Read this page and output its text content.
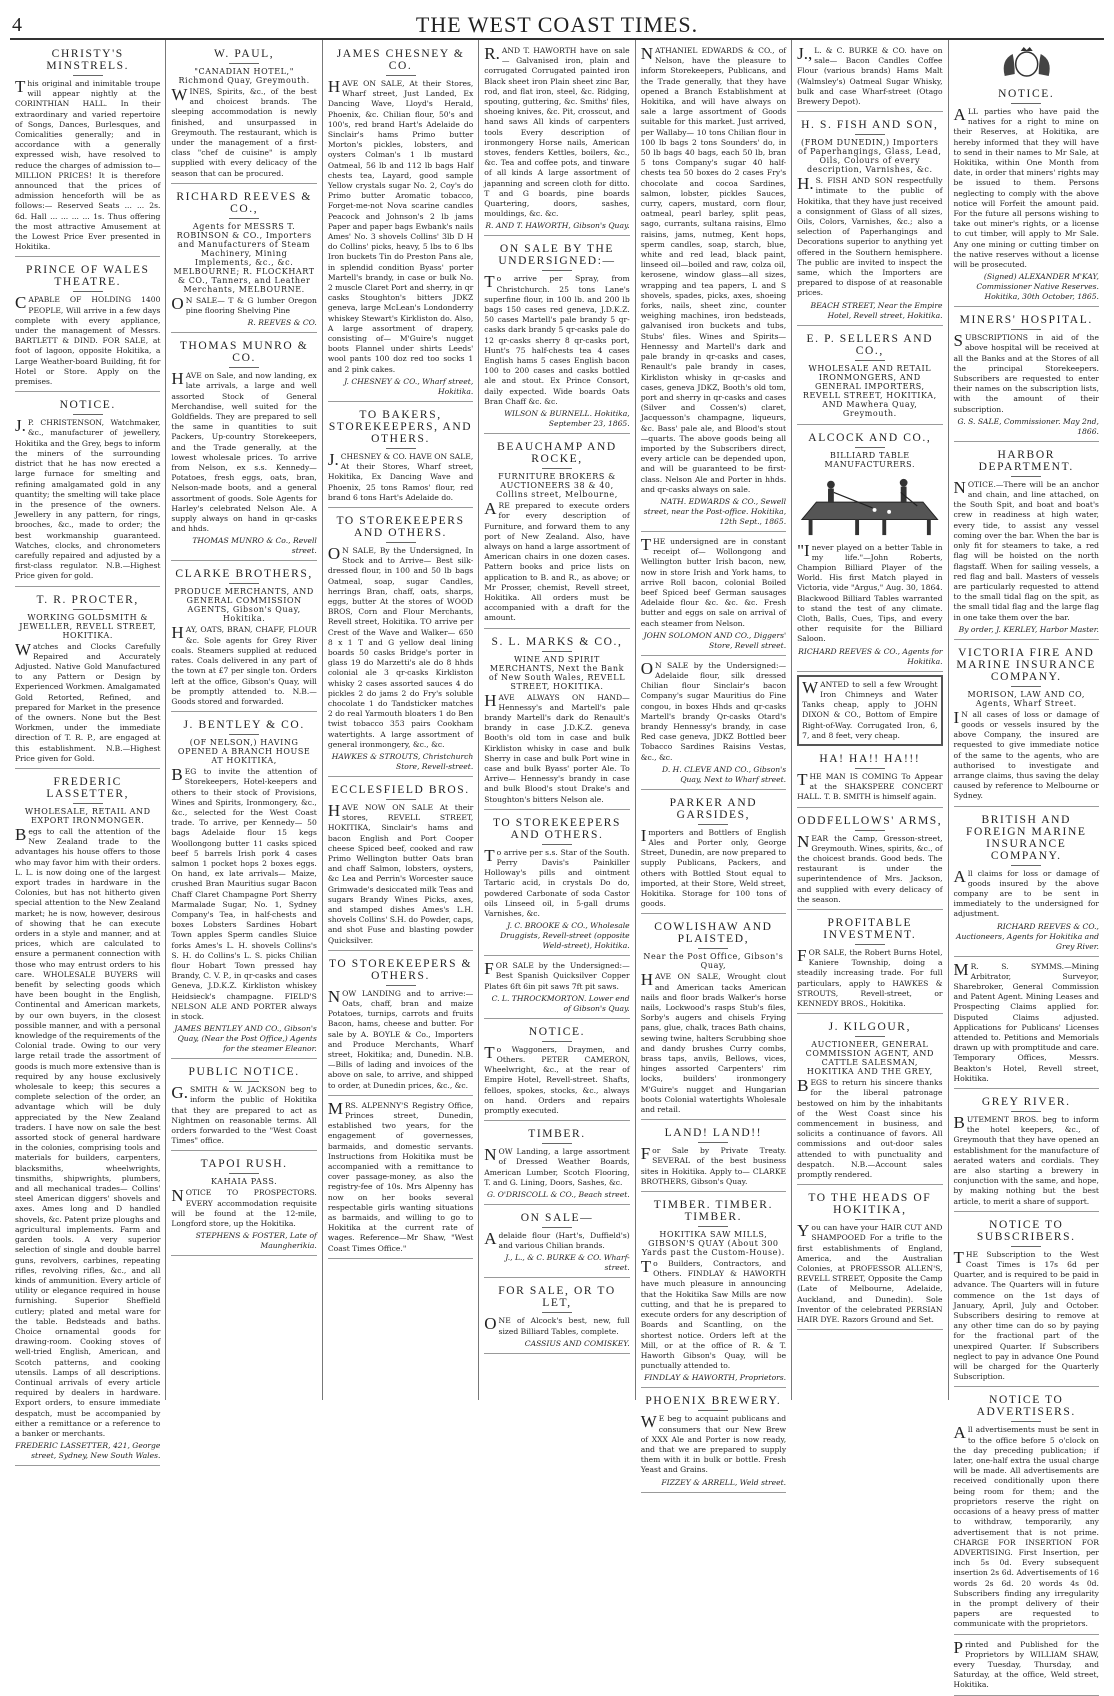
4	THE WEST COAST TIMES.
CHRISTY'S MINSTRELS.
This original and inimitable troupe will appear nightly at the CORINTHIAN HALL. In their extraordinary and varied repertoire of Songs, Dances, Burlesques, and Comicalities generally; and in accordance with a generally expressed wish, have resolved to reduce the charges of admission to— MILLION PRICES! It is therefore announced that the prices of admission henceforth will be as follows:— Reserved Seats ... ... 2s. 6d. Hall ... ... ... ... 1s. Thus offering the most attractive Amusement at the Lowest Price Ever presented in Hokitika.
PRINCE OF WALES THEATRE.
CAPABLE OF HOLDING 1400 PEOPLE, Will arrive in a few days complete with every appliance, under the management of Messrs. BARTLETT & DIND. FOR SALE, at foot of lagoon, opposite Hokitika, a Large Weather-board Building, fit for Hotel or Store. Apply on the premises.
NOTICE.
J.P. CHRISTENSON, Watchmaker, &c., manufacturer of jewellery, Hokitika and the Grey, begs to inform the miners of the surrounding district that he has now erected a large furnace for smelting and refining amalgamated gold in any quantity; the smelting will take place in the presence of the owners. Jewellery in any pattern, for rings, brooches, &c., made to order; the best workmanship guaranteed. Watches, clocks, and chronometers carefully repaired and adjusted by a first-class regulator. N.B.—Highest Price given for gold.
T. R. PROCTER,
WORKING GOLDSMITH & JEWELLER, REVELL STREET, HOKITIKA.
Watches and Clocks Carefully Repaired and Accurately Adjusted. Native Gold Manufactured to any Pattern or Design by Experienced Workmen. Amalgamated Gold Retorted, Refined, and prepared for Market in the presence of the owners. None but the Best Workmen, under the immediate direction of T. R. P., are engaged at this establishment. N.B.—Highest Price given for Gold.
FREDERIC LASSETTER,
WHOLESALE, RETAIL AND EXPORT IRONMONGER.
Begs to call the attention of the New Zealand trade to the advantages his house offers to those who may favor him with their orders. L. L. is now doing one of the largest export trades in hardware in the Colonies, but has not hitherto given special attention to the New Zealand market; he is now, however, desirous of showing that he can execute orders in a style and manner, and at prices, which are calculated to ensure a permanent connection with those who may entrust orders to his care. WHOLESALE BUYERS will benefit by selecting goods which have been bought in the English, Continental and American markets, by our own buyers, in the closest possible manner, and with a personal knowledge of the requirements of the Colonial trade. Owing to our very large retail trade the assortment of goods is much more extensive than is required by any house exclusively wholesale to keep; this secures a complete selection of the order, an advantage which will be duly appreciated by the New Zealand traders. I have now on sale the best assorted stock of general hardware in the colonies, comprising tools and materials for builders, carpenters, blacksmiths, wheelwrights, tinsmiths, shipwrights, plumbers, and all mechanical trades— Collins' steel American diggers' shovels and axes. Ames long and D handled shovels, &c. Patent prize ploughs and agricultural implements. Farm and garden tools. A very superior selection of single and double barrel guns, revolvers, carbines, repeating rifles, revolving rifles, &c., and all kinds of ammunition. Every article of utility or elegance required in house furnishing. Superior Sheffield cutlery; plated and metal ware for the table. Bedsteads and baths. Choice ornamental goods for drawing-room. Cooking stoves of well-tried English, American, and Scotch patterns, and cooking utensils. Lamps of all descriptions. Continual arrivals of every article required by dealers in hardware. Export orders, to ensure immediate despatch, must be accompanied by either a remittance or a reference to a banker or merchants.
FREDERIC LASSETTER, 421, George street, Sydney, New South Wales.
W. PAUL,
"CANADIAN HOTEL," Richmond Quay, Greymouth.
WINES, Spirits, &c., of the best and choicest brands. The sleeping accommodation is newly finished, and unsurpassed in Greymouth. The restaurant, which is under the management of a first-class "chef de cuisine" is amply supplied with every delicacy of the season that can be procured.
RICHARD REEVES & CO.,
Agents for MESSRS T. ROBINSON & CO., Importers and Manufacturers of Steam Machinery, Mining Implements, &c., &c. MELBOURNE; R. FLOCKHART & CO., Tanners, and Leather Merchants, MELBOURNE.
ON SALE— T & G lumber Oregon pine flooring Shelving Pine
R. REEVES & CO.
THOMAS MUNRO & CO.
HAVE on Sale, and now landing, ex late arrivals, a large and well assorted Stock of General Merchandise, well suited for the Goldfields. They are prepared to sell the same in quantities to suit Packers, Up-country Storekeepers, and the Trade generally, at the lowest wholesale prices. To arrive from Nelson, ex s.s. Kennedy—Potatoes, fresh eggs, oats, bran, Nelson-made boots, and a general assortment of goods. Sole Agents for Harley's celebrated Nelson Ale. A supply always on hand in qr-casks and hhds.
THOMAS MUNRO & Co., Revell street.
CLARKE BROTHERS,
PRODUCE MERCHANTS, AND GENERAL COMMISSION AGENTS, Gibson's Quay, Hokitika.
HAY, OATS, BRAN, CHAFF, FLOUR &c. Sole agents for Grey River coals. Steamers supplied at reduced rates. Coals delivered in any part of the town at £7 per single ton. Orders left at the office, Gibson's Quay, will be promptly attended to. N.B.—Goods stored and forwarded.
J. BENTLEY & CO.
(OF NELSON,) HAVING OPENED A BRANCH HOUSE AT HOKITIKA,
BEG to invite the attention of Storekeepers, Hotel-keepers and others to their stock of Provisions, Wines and Spirits, Ironmongery, &c., &c., selected for the West Coast trade. To arrive, per Kennedy— 50 bags Adelaide flour 15 kegs Woollongong butter 11 casks spiced beef 5 barrels Irish pork 4 cases salmon 1 pocket hops 2 boxes eggs. On hand, ex late arrivals— Maize, crushed Bran Mauritius sugar Bacon Chaff Claret Champagne Port Sherry Marmalade Sugar, No. 1, Sydney Company's Tea, in half-chests and boxes Lobsters Sardines Hobart Town apples Sperm candles Sluice forks Ames's L. H. shovels Collins's S. H. do Collins's L. S. picks Chilian flour Hobart Town pressed hay Brandy, C. V. P., in qr-casks and cases Geneva, J.D.K.Z. Kirkliston whiskey Heidsieck's champagne. FIELD'S NELSON ALE AND PORTER always in stock.
JAMES BENTLEY AND CO., Gibson's Quay, (Near the Post Office,) Agents for the steamer Eleanor.
PUBLIC NOTICE.
G.SMITH & W. JACKSON beg to inform the public of Hokitika that they are prepared to act as Nightmen on reasonable terms. All orders forwarded to the "West Coast Times" office.
TAPOI RUSH.
KAHAIA PASS.
NOTICE TO PROSPECTORS. EVERY accommodation requisite will be found at the 12-mile, Longford store, up the Hokitika.
STEPHENS & FOSTER, Late of Maungherikia.
JAMES CHESNEY & CO.
HAVE ON SALE, At their Stores, Wharf street, Just Landed, Ex Dancing Wave, Lloyd's Herald, Phoenix, &c. Chilian flour, 50's and 100's, red brand Hart's Adelaide do Sinclair's hams Primo butter Morton's pickles, lobsters, and oysters Colman's 1 lb mustard Oatmeal, 56 lb and 112 lb bags Half chests tea, Layard, good sample Yellow crystals sugar No. 2, Coy's do Primo butter Aromatic tobacco, Forget-me-not Nova scarine candles Peacock and Johnson's 2 lb jams Paper and paper bags Ewbank's nails Ames' No. 3 shovels Collins' 3lb D H do Collins' picks, heavy, 5 lbs to 6 lbs Iron buckets Tin do Preston Pans ale, in splendid condition Byass' porter Martell's brandy, in case or bulk No. 2 muscle Claret Port and sherry, in qr casks Stoughton's bitters JDKZ geneva, large McLean's Londonderry whiskey Stewart's Kirkliston do. Also, A large assortment of drapery, consisting of— M'Guire's nugget boots Flannel under shirts Leeds' wool pants 100 doz red too socks 1 and 2 pink cakes.
J. CHESNEY & CO., Wharf street, Hokitika.
TO BAKERS, STOREKEEPERS, AND OTHERS.
J.CHESNEY & CO. HAVE ON SALE, At their Stores, Wharf street, Hokitika, Ex Dancing Wave and Phoenix, 25 tons Ramos' flour, red brand 6 tons Hart's Adelaide do.
TO STOREKEEPERS AND OTHERS.
ON SALE, By the Undersigned, In Stock and to Arrive— Best silk-dressed flour, in 100 and 50 lb bags Oatmeal, soap, sugar Candles, herrings Bran, chaff, oats, sharps, eggs, butter At the stores of WOOD BROS, Corn and Flour Merchants, Revell street, Hokitika. TO arrive per Crest of the Wave and Walker— 650 8 x 1 T and G yellow deal lining boards 50 casks Bridge's porter in glass 19 do Marzetti's ale do 8 hhds colonial ale 3 qr-casks Kirkliston whisky 2 cases assorted sauces 4 do pickles 2 do jams 2 do Fry's soluble chocolate 1 do Tandsticker matches 2 do real Yarmouth bloaters 1 do Ben twist tobacco 353 pairs Cookham watertights. A large assortment of general ironmongery, &c., &c.
HAWKES & STROUTS, Christchurch Store, Revell-street.
ECCLESFIELD BROS.
HAVE NOW ON SALE At their stores, REVELL STREET, HOKITIKA, Sinclair's hams and bacon English and Port Cooper cheese Spiced beef, cooked and raw Primo Wellington butter Oats bran and chaff Salmon, lobsters, oysters, &c Lea and Perrin's Worcester sauce Grimwade's desiccated milk Teas and sugars Brandy Wines Picks, axes, and stamped dishes Ames's L.H. shovels Collins' S.H. do Powder, caps, and shot Fuse and blasting powder Quicksilver.
TO STOREKEEPERS & OTHERS.
NOW LANDING and to arrive:— Oats, chaff, bran and maize Potatoes, turnips, carrots and fruits Bacon, hams, cheese and butter. For sale by A. BOYLE & Co., Importers and Produce Merchants, Wharf street, Hokitika; and, Dunedin. N.B.—Bills of lading and invoices of the above on sale, to arrive, and shipped to order, at Dunedin prices, &c., &c.
MRS. ALPENNY'S Registry Office, Princes street, Dunedin, established two years, for the engagement of governesses, barmaids, and domestic servants. Instructions from Hokitika must be accompanied with a remittance to cover passage-money, as also the registry-fee of 10s. Mrs Alpenny has now on her books several respectable girls wanting situations as barmaids, and willing to go to Hokitika at the current rate of wages. Reference—Mr Shaw, "West Coast Times Office."
R.AND T. HAWORTH have on sale— Galvanised iron, plain and corrugated Corrugated painted iron Black sheet iron Plain sheet zinc Bar, rod, and flat iron, steel, &c. Ridging, spouting, guttering, &c. Smiths' files, shoeing knives, &c. Pit, crosscut, and hand saws All kinds of carpenters tools Every description of ironmongery Horse nails, American stoves, fenders Kettles, boilers, &c., &c. Tea and coffee pots, and tinware of all kinds A large assortment of japanning and screen cloth for ditto. T and G boards, pine boards Quartering, doors, sashes, mouldings, &c. &c.
R. AND T. HAWORTH, Gibson's Quay.
ON SALE BY THE UNDERSIGNED:—
To arrive per Spray, from Christchurch. 25 tons Lane's superfine flour, in 100 lb. and 200 lb bags 150 cases red geneva, J.D.K.Z. 50 cases Martell's pale brandy 5 qr-casks dark brandy 5 qr-casks pale do 12 qr-casks sherry 8 qr-casks port, Hunt's 75 half-chests tea 4 cases English hams 5 cases English bacon 100 to 200 cases and casks bottled ale and stout. Ex Prince Consort, daily expected. Wide boards Oats Bran Chaff &c. &c.
WILSON & BURNELL. Hokitika, September 23, 1865.
BEAUCHAMP AND ROCKE,
FURNITURE BROKERS & AUCTIONEERS 38 & 40, Collins street, Melbourne,
ARE prepared to execute orders for every description of Furniture, and forward them to any port of New Zealand. Also, have always on hand a large assortment of American chairs in one dozen cases. Pattern books and price lists on application to B. and R., as above; or Mr Prosser, chemist, Revell street, Hokitika. All orders must be accompanied with a draft for the amount.
S. L. MARKS & CO.,
WINE AND SPIRIT MERCHANTS, Next the Bank of New South Wales, REVELL STREET, HOKITIKA.
HAVE ALWAYS ON HAND— Hennessy's and Martell's pale brandy Martell's dark do Renault's brandy in case J.D.K.Z. geneva Booth's old tom in case and bulk Kirkliston whisky in case and bulk Sherry in case and bulk Port wine in case and bulk Byass' porter Ale. To Arrive— Hennessy's brandy in case and bulk Blood's stout Drake's and Stoughton's bitters Nelson ale.
TO STOREKEEPERS AND OTHERS.
To arrive per s.s. Star of the South. Perry Davis's Painkiller Holloway's pills and ointment Tartaric acid, in crystals Do do, powdered Carbonate of soda Castor oils Linseed oil, in 5-gall drums Varnishes, &c.
J. C. BROOKE & CO., Wholesale Druggists, Revell-street (opposite Weld-street), Hokitika.
FOR SALE by the Undersigned:— Best Spanish Quicksilver Copper Plates 6ft 6in pit saws 7ft pit saws.
C. L. THROCKMORTON. Lower end of Gibson's Quay.
NOTICE.
To Waggoners, Draymen, and Others. PETER CAMERON, Wheelwright, &c., at the rear of Empire Hotel, Revell-street. Shafts, felloes, spokes, stocks, &c., always on hand. Orders and repairs promptly executed.
TIMBER.
NOW Landing, a large assortment of Dressed Weather Boards, American Lumber, Scotch Flooring, T. and G. Lining, Doors, Sashes, &c.
G. O'DRISCOLL & CO., Beach street.
ON SALE—
Adelaide flour (Hart's, Duffield's) and various Chilian brands.
J., L., & C. BURKE & CO. Wharf-street.
FOR SALE, OR TO LET,
ONE of Alcock's best, new, full sized Billiard Tables, complete.
CASSIUS AND COMISKEY.
NATHANIEL EDWARDS & CO., of Nelson, have the pleasure to inform Storekeepers, Publicans, and the Trade generally, that they have opened a Branch Establishment at Hokitika, and will have always on sale a large assortment of Goods suitable for this market. Just arrived, per Wallaby— 10 tons Chilian flour in 100 lb bags 2 tons Sounders' do, in 50 lb bags 40 bags, each 50 lb, bran 5 tons Company's sugar 40 half-chests tea 50 boxes do 2 cases Fry's chocolate and cocoa Sardines, salmon, lobster, pickles Sauces, curry, capers, mustard, corn flour, oatmeal, pearl barley, split peas, sago, currants, sultana raisins, Elmo raisins, jams, nutmeg, Kent hops, sperm candles, soap, starch, blue, white and red lead, black paint, linseed oil—boiled and raw, colza oil, kerosene, window glass—all sizes, wrapping and tea papers, L and S shovels, spades, picks, axes, shoeing forks, nails, sheet zinc, counter weighing machines, iron bedsteads, galvanised iron buckets and tubs, Stubs' files. Wines and Spirits—Hennessy and Martell's dark and pale brandy in qr-casks and cases, Renault's pale brandy in cases, Kirkliston whisky in qr-casks and cases, geneva JDKZ, Booth's old tom, port and sherry in qr-casks and cases (Silver and Cossen's) claret, Jacquesson's champagne, liqueurs, &c. Bass' pale ale, and Blood's stout—quarts. The above goods being all imported by the Subscribers direct, every article can be depended upon, and will be guaranteed to be first-class. Nelson Ale and Porter in hhds. and qr-casks always on sale.
NATH. EDWARDS & CO., Sewell street, near the Post-office. Hokitika, 12th Sept., 1865.
THE undersigned are in constant receipt of— Wollongong and Wellington butter Irish bacon, new, now in store Irish and York hams, to arrive Roll bacon, colonial Boiled beef Spiced beef German sausages Adelaide flour &c. &c. &c. Fresh butter and eggs on sale on arrival of each steamer from Nelson.
JOHN SOLOMON AND CO., Diggers' Store, Revell street.
ON SALE by the Undersigned:— Adelaide flour, silk dressed Chilian flour Sinclair's bacon Company's sugar Mauritius do Fine congou, in boxes Hhds and qr-casks Martell's brandy Qr-casks Otard's brandy Hennessy's brandy, in case Red case geneva, JDKZ Bottled beer Tobacco Sardines Raisins Vestas, &c., &c.
D. H. CLEVE AND CO., Gibson's Quay, Next to Wharf street.
PARKER AND GARSIDES,
Importers and Bottlers of English Ales and Porter only, George Street, Dunedin, are now prepared to supply Publicans, Packers, and others with Bottled Stout equal to imported, at their Store, Weld street, Hokitika. Storage for 100 tons of goods.
COWLISHAW AND PLAISTED,
Near the Post Office, Gibson's Quay,
HAVE ON SALE, Wrought clout and American tacks American nails and floor brads Walker's horse nails, Lockwood's rasps Stub's files, Sorby's augers and chisels Frying pans, glue, chalk, traces Bath chains, sewing twine, halters Scrubbing shoe and dandy brushes Curry combs, brass taps, anvils, Bellows, vices, hinges assorted Carpenters' rim locks, builders' ironmongery M'Guire's nugget and Hungarian boots Colonial watertights Wholesale and retail.
LAND! LAND!!
For Sale by Private Treaty. SEVERAL of the best business sites in Hokitika. Apply to— CLARKE BROTHERS, Gibson's Quay.
TIMBER. TIMBER. TIMBER.
HOKITIKA SAW MILLS, GIBSON'S QUAY (About 300 Yards past the Custom-House).
To Builders, Contractors, and Others. FINDLAY & HAWORTH have much pleasure in announcing that the Hokitika Saw Mills are now cutting, and that he is prepared to execute orders for any description of Boards and Scantling, on the shortest notice. Orders left at the Mill, or at the office of R. & T. Haworth Gibson's Quay, will be punctually attended to.
FINDLAY & HAWORTH, Proprietors.
PHOENIX BREWERY.
WE beg to acquaint publicans and consumers that our New Brew of XXX Ale and Porter is now ready, and that we are prepared to supply them with it in bulk or bottle. Fresh Yeast and Grains.
FIZZEY & ARRELL, Weld street.
J.,L. & C. BURKE & CO. have on sale— Bacon Candles Coffee Flour (various brands) Hams Malt (Walmsley's) Oatmeal Sugar Whisky, bulk and case Wharf-street (Otago Brewery Depot).
H. S. FISH AND SON,
(FROM DUNEDIN,) Importers of Paperhangings, Glass, Lead, Oils, Colours of every description, Varnishes, &c.
H.S. FISH AND SON respectfully intimate to the public of Hokitika, that they have just received a consignment of Glass of all sizes, Oils, Colors, Varnishes, &c.; also a selection of Paperhangings and Decorations superior to anything yet offered in the Southern hemisphere. The public are invited to inspect the same, which the Importers are prepared to dispose of at reasonable prices.
BEACH STREET, Near the Empire Hotel, Revell street, Hokitika.
E. P. SELLERS AND CO.,
WHOLESALE AND RETAIL IRONMONGERS, AND GENERAL IMPORTERS, REVELL STREET, HOKITIKA, AND Mawhera Quay, Greymouth.
ALCOCK AND CO.,
BILLIARD TABLE MANUFACTURERS.
"Inever played on a better Table in my life."—John Roberts, Champion Billiard Player of the World. His first Match played in Victoria, vide "Argus," Aug. 30, 1864. Blackwood Billiard Tables warranted to stand the test of any climate. Cloth, Balls, Cues, Tips, and every other requisite for the Billiard Saloon.
RICHARD REEVES & CO., Agents for Hokitika.
WANTED to sell a few Wrought Iron Chimneys and Water Tanks cheap, apply to JOHN DIXON & CO., Bottom of Empire Right-of-Way. Corrugated Iron, 6, 7, and 8 feet, very cheap.
HA! HA!! HA!!!
THE MAN IS COMING To Appear at the SHAKSPERE CONCERT HALL. T. B. SMITH is himself again.
ODDFELLOWS' ARMS,
NEAR the Camp, Gresson-street, Greymouth. Wines, spirits, &c., of the choicest brands. Good beds. The restaurant is under the superintendence of Mrs. Jackson, and supplied with every delicacy of the season.
PROFITABLE INVESTMENT.
FOR SALE, the Robert Burns Hotel, Kaniere Township, doing a steadily increasing trade. For full particulars, apply to HAWKES & STROUTS, Revell-street, or KENNEDY BROS., Hokitika.
J. KILGOUR,
AUCTIONEER, GENERAL COMMISSION AGENT, AND CATTLE SALESMAN, HOKITIKA AND THE GREY,
BEGS to return his sincere thanks for the liberal patronage bestowed on him by the inhabitants of the West Coast since his commencement in business, and solicits a continuance of favors. All commissions and out-door sales attended to with punctuality and despatch. N.B.—Account sales promptly rendered.
TO THE HEADS OF HOKITIKA,
You can have your HAIR CUT AND SHAMPOOED For a trifle to the first establishments of England, America, and the Australian Colonies, at PROFESSOR ALLEN'S, REVELL STREET, Opposite the Camp (Late of Melbourne, Adelaide, Auckland, and Dunedin). Sole Inventor of the celebrated PERSIAN HAIR DYE. Razors Ground and Set.
NOTICE.
ALL parties who have paid the natives for a right to mine on their Reserves, at Hokitika, are hereby informed that they will have to send in their names to Mr Sale, at Hokitika, within One Month from date, in order that miners' rights may be issued to them. Persons neglecting to comply with the above notice will Forfeit the amount paid. For the future all persons wishing to take out miner's rights, or a license to cut timber, will apply to Mr Sale. Any one mining or cutting timber on the native reserves without a license will be prosecuted.
(Signed) ALEXANDER M'KAY, Commissioner Native Reserves. Hokitika, 30th October, 1865.
MINERS' HOSPITAL.
SUBSCRIPTIONS in aid of the above hospital will be received at all the Banks and at the Stores of all the principal Storekeepers. Subscribers are requested to enter their names on the subscription lists, with the amount of their subscription.
G. S. SALE, Commissioner. May 2nd, 1866.
HARBOR DEPARTMENT.
NOTICE.—There will be an anchor and chain, and line attached, on the South Spit, and boat and boat's crew in readiness at high water, every tide, to assist any vessel coming over the bar. When the bar is only fit for steamers to take, a red flag will be hoisted on the north flagstaff. When for sailing vessels, a red flag and ball. Masters of vessels are particularly requested to attend to the small tidal flag on the spit, as the small tidal flag and the large flag in one take them over the bar.
By order, J. KERLEY, Harbor Master.
VICTORIA FIRE AND MARINE INSURANCE COMPANY.
MORISON, LAW AND CO, Agents, Wharf Street.
IN all cases of loss or damage of goods or vessels insured by the above Company, the insured are requested to give immediate notice of the same to the agents, who are authorised to investigate and arrange claims, thus saving the delay caused by reference to Melbourne or Sydney.
BRITISH AND FOREIGN MARINE INSURANCE COMPANY.
All claims for loss or damage of goods insured by the above company are to be sent in immediately to the undersigned for adjustment.
RICHARD REEVES & CO., Auctioneers, Agents for Hokitika and Grey River.
MR. S. SYMMS.—Mining Arbitrator, Surveyor, Sharebroker, General Commission and Patent Agent. Mining Leases and Prospecting Claims applied for. Disputed Claims adjusted. Applications for Publicans' Licenses attended to. Petitions and Memorials drawn up with promptitude and care. Temporary Offices, Messrs. Beakton's Hotel, Revell street, Hokitika.
GREY RIVER.
BUTEMENT BROS. beg to inform the hotel keepers, &c., of Greymouth that they have opened an establishment for the manufacture of aerated waters and cordials. They are also starting a brewery in conjunction with the same, and hope, by making nothing but the best article, to merit a share of support.
NOTICE TO SUBSCRIBERS.
THE Subscription to the West Coast Times is 17s 6d per Quarter, and is required to be paid in advance. The Quarters will in future commence on the 1st days of January, April, July and October. Subscribers desiring to remove at any other time can do so by paying for the fractional part of the unexpired Quarter. If Subscribers neglect to pay in advance One Pound will be charged for the Quarterly Subscription.
NOTICE TO ADVERTISERS.
All advertisements must be sent in to the office before 5 o'clock on the day preceding publication; if later, one-half extra the usual charge will be made. All advertisements are received conditionally upon there being room for them; and the proprietors reserve the right on occasions of a heavy press of matter to withdraw, temporarily, any advertisement that is not prime. CHARGE FOR INSERTION FOR ADVERTISING. First Insertion, per inch 5s 0d. Every subsequent insertion 2s 6d. Advertisements of 16 words 2s 6d. 20 words 4s 0d. Subscribers finding any irregularity in the prompt delivery of their papers are requested to communicate with the proprietors.
Printed and Published for the Proprietors by WILLIAM SHAW, every Tuesday, Thursday, and Saturday, at the office, Weld street, Hokitika.
